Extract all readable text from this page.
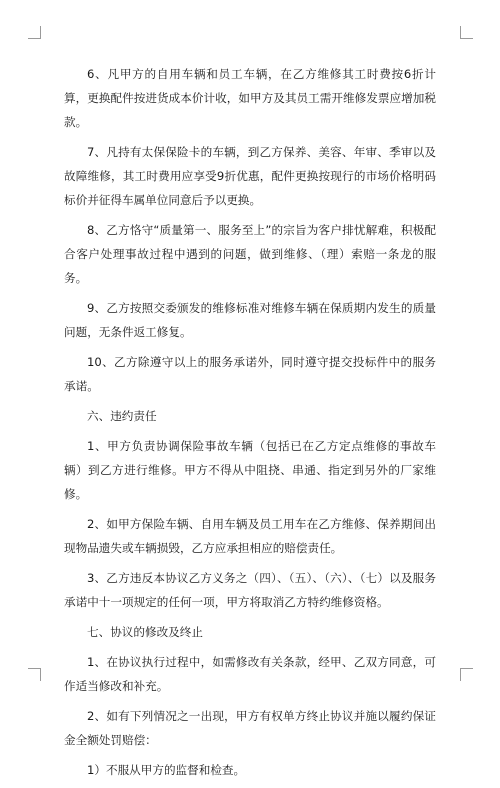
6、凡甲方的自用车辆和员工车辆，在乙方维修其工时费按6折计算，更换配件按进货成本价计收，如甲方及其员工需开维修发票应增加税款。

7、凡持有太保保险卡的车辆，到乙方保养、美容、年审、季审以及故障维修，其工时费用应享受9折优惠，配件更换按现行的市场价格明码标价并征得车属单位同意后予以更换。

8、乙方恪守“质量第一、服务至上”的宗旨为客户排忧解难，积极配合客户处理事故过程中遇到的问题，做到维修、（理）索赔一条龙的服务。

9、乙方按照交委颁发的维修标准对维修车辆在保质期内发生的质量问题，无条件返工修复。

10、乙方除遵守以上的服务承诺外，同时遵守提交投标件中的服务承诺。

六、违约责任

1、甲方负责协调保险事故车辆（包括已在乙方定点维修的事故车辆）到乙方进行维修。甲方不得从中阻挠、串通、指定到另外的厂家维修。

2、如甲方保险车辆、自用车辆及员工用车在乙方维修、保养期间出现物品遗失或车辆损毁，乙方应承担相应的赔偿责任。

3、乙方违反本协议乙方义务之（四）、（五）、（六）、（七）以及服务承诺中十一项规定的任何一项，甲方将取消乙方特约维修资格。

七、协议的修改及终止

1、在协议执行过程中，如需修改有关条款，经甲、乙双方同意，可作适当修改和补充。

2、如有下列情况之一出现，甲方有权单方终止协议并施以履约保证金全额处罚赔偿：

1）不服从甲方的监督和检查。
